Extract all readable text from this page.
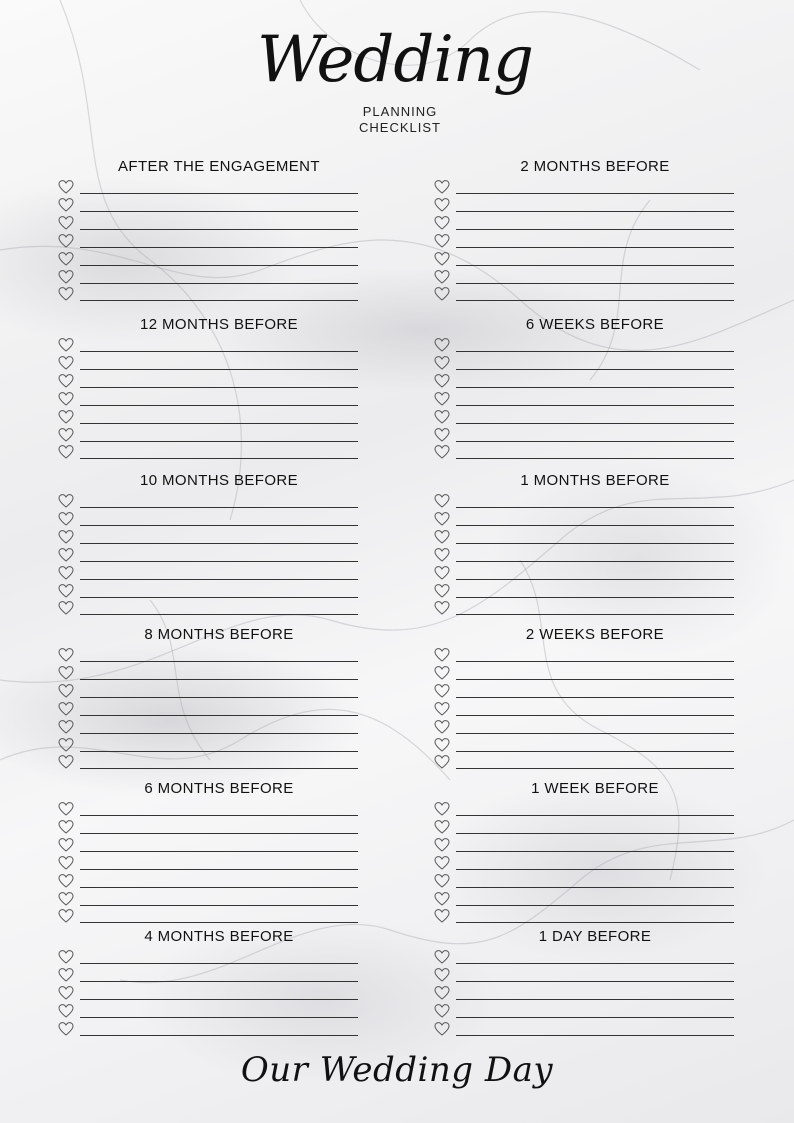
Wedding
PLANNING
CHECKLIST
AFTER THE ENGAGEMENT
12 MONTHS BEFORE
10 MONTHS BEFORE
8 MONTHS BEFORE
6 MONTHS BEFORE
4 MONTHS BEFORE
2 MONTHS BEFORE
6 WEEKS BEFORE
1 MONTHS BEFORE
2 WEEKS BEFORE
1 WEEK BEFORE
1 DAY BEFORE
Our Wedding Day
